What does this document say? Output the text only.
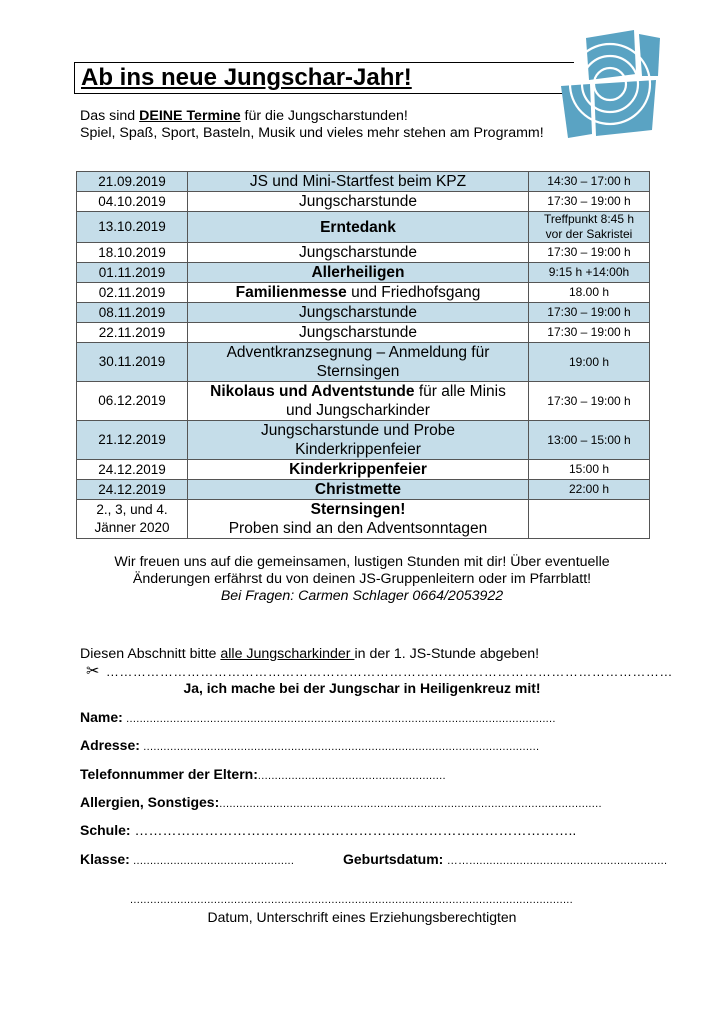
Ab ins neue Jungschar-Jahr!
Das sind DEINE Termine für die Jungscharstunden!
Spiel, Spaß, Sport, Basteln, Musik und vieles mehr stehen am Programm!
21.09.2019	JS und Mini-Startfest beim KPZ	14:30 – 17:00 h
04.10.2019	Jungscharstunde	17:30 – 19:00 h
13.10.2019	Erntedank	Treffpunkt 8:45 h
vor der Sakristei
18.10.2019	Jungscharstunde	17:30 – 19:00 h
01.11.2019	Allerheiligen	9:15 h +14:00h
02.11.2019	Familienmesse und Friedhofsgang	18.00 h
08.11.2019	Jungscharstunde	17:30 – 19:00 h
22.11.2019	Jungscharstunde	17:30 – 19:00 h
30.11.2019	Adventkranzsegnung – Anmeldung für
Sternsingen	19:00 h
06.12.2019	Nikolaus und Adventstunde für alle Minis
und Jungscharkinder	17:30 – 19:00 h
21.12.2019	Jungscharstunde und Probe
Kinderkrippenfeier	13:00 – 15:00 h
24.12.2019	Kinderkrippenfeier	15:00 h
24.12.2019	Christmette	22:00 h
2., 3, und 4.
Jänner 2020	Sternsingen!
Proben sind an den Adventsonntagen	
Wir freuen uns auf die gemeinsamen, lustigen Stunden mit dir! Über eventuelle
Änderungen erfährst du von deinen JS-Gruppenleitern oder im Pfarrblatt!
Bei Fragen: Carmen Schlager 0664/2053922
Diesen Abschnitt bitte alle Jungscharkinder in der 1. JS-Stunde abgeben!
✂ ………………………………………………………………………………………………………………
Ja, ich mache bei der Jungschar in Heiligenkreuz mit!
Name: ................................................................................................................................
Adresse: ......................................................................................................................
Telefonnummer der Eltern:........................................................
Allergien, Sonstiges:..................................................................................................................
Schule: …………………………………………………………………………………..
Klasse: ................................................	Geburtsdatum: ……...........................................................
....................................................................................................................................
Datum, Unterschrift eines Erziehungsberechtigten
